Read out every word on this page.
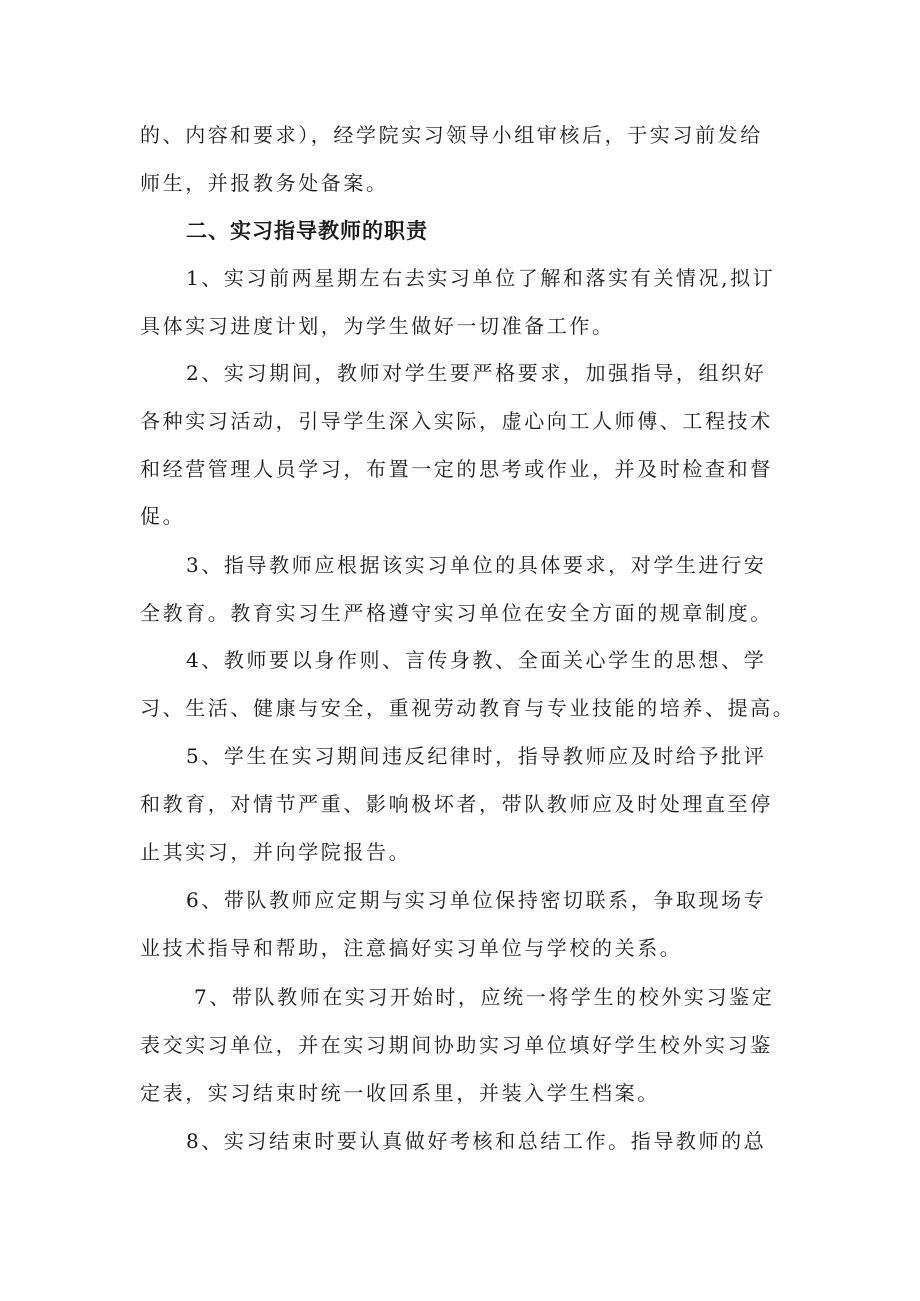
的、内容和要求），经学院实习领导小组审核后，于实习前发给
师生，并报教务处备案。
二、实习指导教师的职责
1、实习前两星期左右去实习单位了解和落实有关情况,拟订
具体实习进度计划，为学生做好一切准备工作。
2、实习期间，教师对学生要严格要求，加强指导，组织好
各种实习活动，引导学生深入实际，虚心向工人师傅、工程技术
和经营管理人员学习，布置一定的思考或作业，并及时检查和督
促。
3、指导教师应根据该实习单位的具体要求，对学生进行安
全教育。教育实习生严格遵守实习单位在安全方面的规章制度。
4、教师要以身作则、言传身教、全面关心学生的思想、学
习、生活、健康与安全，重视劳动教育与专业技能的培养、提高。
5、学生在实习期间违反纪律时，指导教师应及时给予批评
和教育，对情节严重、影响极坏者，带队教师应及时处理直至停
止其实习，并向学院报告。
6、带队教师应定期与实习单位保持密切联系，争取现场专
业技术指导和帮助，注意搞好实习单位与学校的关系。
7、带队教师在实习开始时，应统一将学生的校外实习鉴定
表交实习单位，并在实习期间协助实习单位填好学生校外实习鉴
定表，实习结束时统一收回系里，并装入学生档案。
8、实习结束时要认真做好考核和总结工作。指导教师的总
